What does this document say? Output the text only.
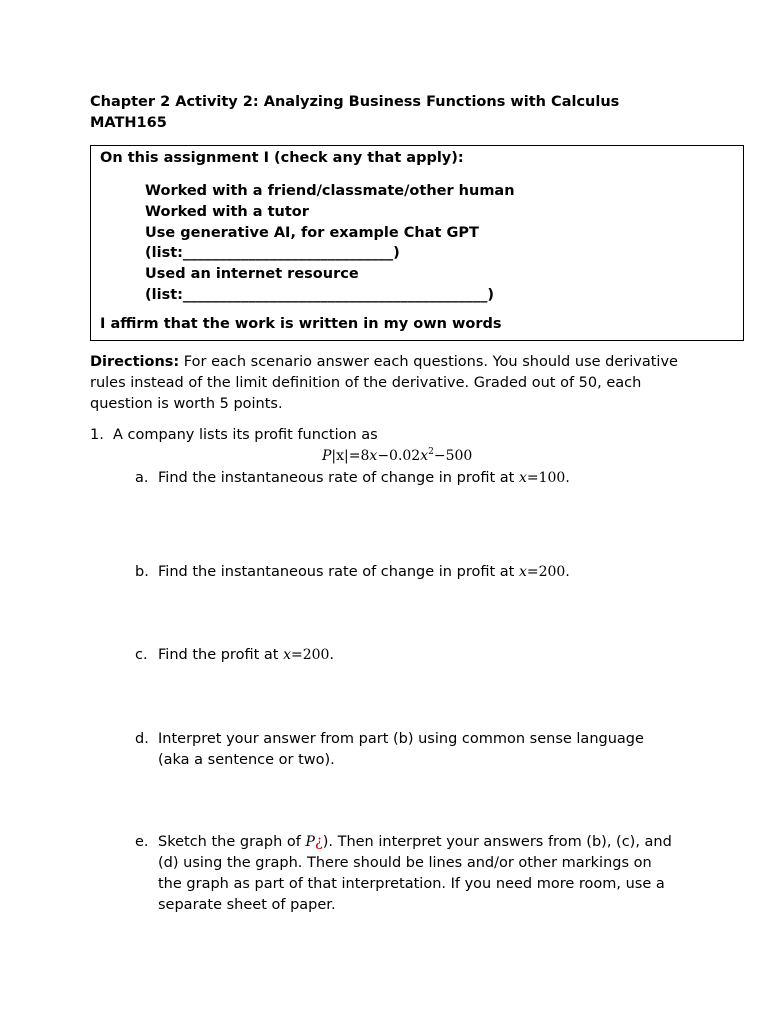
Chapter 2 Activity 2: Analyzing Business Functions with Calculus
MATH165
On this assignment I (check any that apply):
Worked with a friend/classmate/other human
Worked with a tutor
Use generative AI, for example Chat GPT
(list:_____________________________)
Used an internet resource
(list:__________________________________________)
I affirm that the work is written in my own words
Directions: For each scenario answer each questions. You should use derivative rules instead of the limit definition of the derivative. Graded out of 50, each question is worth 5 points.
1. A company lists its profit function as
$P|x|=8x-0.02x^2-500$
a. Find the instantaneous rate of change in profit at x=100.
b. Find the instantaneous rate of change in profit at x=200.
c. Find the profit at x=200.
d. Interpret your answer from part (b) using common sense language (aka a sentence or two).
e. Sketch the graph of P¿). Then interpret your answers from (b), (c), and (d) using the graph. There should be lines and/or other markings on the graph as part of that interpretation. If you need more room, use a separate sheet of paper.
